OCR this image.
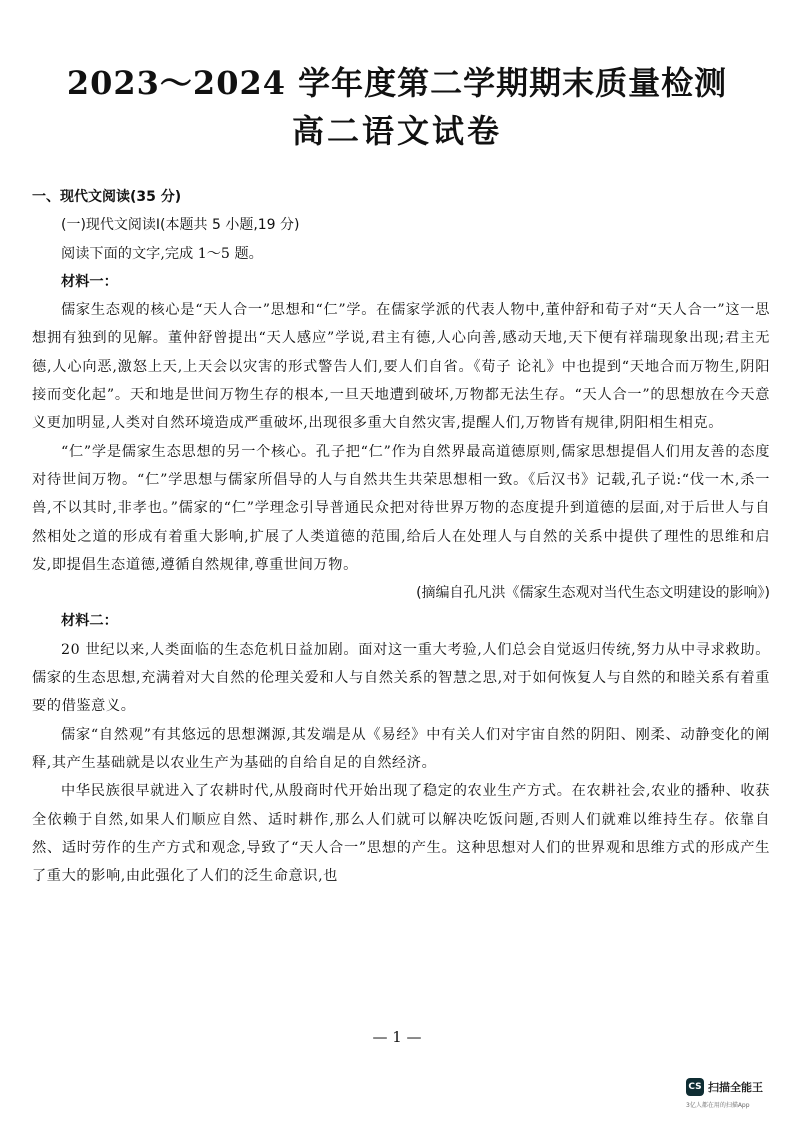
2023～2024 学年度第二学期期末质量检测
高二语文试卷

一、现代文阅读(35 分)

(一)现代文阅读Ⅰ(本题共 5 小题,19 分)

阅读下面的文字,完成 1～5 题。

材料一：

儒家生态观的核心是“天人合一”思想和“仁”学。在儒家学派的代表人物中,董仲舒和荀子对“天人合一”这一思想拥有独到的见解。董仲舒曾提出“天人感应”学说,君主有德,人心向善,感动天地,天下便有祥瑞现象出现;君主无德,人心向恶,激怒上天,上天会以灾害的形式警告人们,要人们自省。《荀子 论礼》中也提到“天地合而万物生,阴阳接而变化起”。天和地是世间万物生存的根本,一旦天地遭到破坏,万物都无法生存。“天人合一”的思想放在今天意义更加明显,人类对自然环境造成严重破坏,出现很多重大自然灾害,提醒人们,万物皆有规律,阴阳相生相克。

“仁”学是儒家生态思想的另一个核心。孔子把“仁”作为自然界最高道德原则,儒家思想提倡人们用友善的态度对待世间万物。“仁”学思想与儒家所倡导的人与自然共生共荣思想相一致。《后汉书》记载,孔子说:“伐一木,杀一兽,不以其时,非孝也。”儒家的“仁”学理念引导普通民众把对待世界万物的态度提升到道德的层面,对于后世人与自然相处之道的形成有着重大影响,扩展了人类道德的范围,给后人在处理人与自然的关系中提供了理性的思维和启发,即提倡生态道德,遵循自然规律,尊重世间万物。

(摘编自孔凡洪《儒家生态观对当代生态文明建设的影响》)

材料二：

20 世纪以来,人类面临的生态危机日益加剧。面对这一重大考验,人们总会自觉返归传统,努力从中寻求救助。儒家的生态思想,充满着对大自然的伦理关爱和人与自然关系的智慧之思,对于如何恢复人与自然的和睦关系有着重要的借鉴意义。

儒家“自然观”有其悠远的思想渊源,其发端是从《易经》中有关人们对宇宙自然的阴阳、刚柔、动静变化的阐释,其产生基础就是以农业生产为基础的自给自足的自然经济。

中华民族很早就进入了农耕时代,从殷商时代开始出现了稳定的农业生产方式。在农耕社会,农业的播种、收获全依赖于自然,如果人们顺应自然、适时耕作,那么人们就可以解决吃饭问题,否则人们就难以维持生存。依靠自然、适时劳作的生产方式和观念,导致了“天人合一”思想的产生。这种思想对人们的世界观和思维方式的形成产生了重大的影响,由此强化了人们的泛生命意识,也

— 1 —
CS 扫描全能王
3亿人都在用的扫描App
